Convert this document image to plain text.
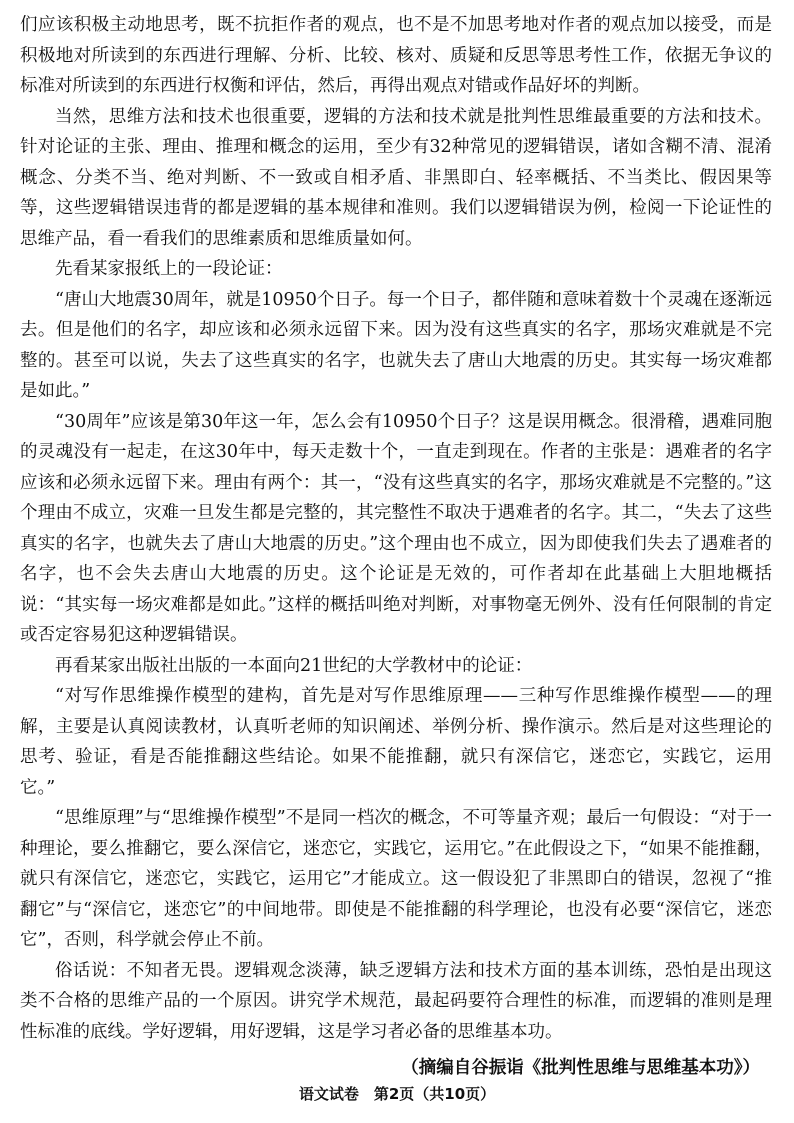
们应该积极主动地思考，既不抗拒作者的观点，也不是不加思考地对作者的观点加以接受，而是积极地对所读到的东西进行理解、分析、比较、核对、质疑和反思等思考性工作，依据无争议的标准对所读到的东西进行权衡和评估，然后，再得出观点对错或作品好坏的判断。

当然，思维方法和技术也很重要，逻辑的方法和技术就是批判性思维最重要的方法和技术。针对论证的主张、理由、推理和概念的运用，至少有32种常见的逻辑错误，诸如含糊不清、混淆概念、分类不当、绝对判断、不一致或自相矛盾、非黑即白、轻率概括、不当类比、假因果等等，这些逻辑错误违背的都是逻辑的基本规律和准则。我们以逻辑错误为例，检阅一下论证性的思维产品，看一看我们的思维素质和思维质量如何。

先看某家报纸上的一段论证：

“唐山大地震30周年，就是10950个日子。每一个日子，都伴随和意味着数十个灵魂在逐渐远去。但是他们的名字，却应该和必须永远留下来。因为没有这些真实的名字，那场灾难就是不完整的。甚至可以说，失去了这些真实的名字，也就失去了唐山大地震的历史。其实每一场灾难都是如此。”

“30周年”应该是第30年这一年，怎么会有10950个日子？这是误用概念。很滑稽，遇难同胞的灵魂没有一起走，在这30年中，每天走数十个，一直走到现在。作者的主张是：遇难者的名字应该和必须永远留下来。理由有两个：其一，“没有这些真实的名字，那场灾难就是不完整的。”这个理由不成立，灾难一旦发生都是完整的，其完整性不取决于遇难者的名字。其二，“失去了这些真实的名字，也就失去了唐山大地震的历史。”这个理由也不成立，因为即使我们失去了遇难者的名字，也不会失去唐山大地震的历史。这个论证是无效的，可作者却在此基础上大胆地概括说：“其实每一场灾难都是如此。”这样的概括叫绝对判断，对事物毫无例外、没有任何限制的肯定或否定容易犯这种逻辑错误。

再看某家出版社出版的一本面向21世纪的大学教材中的论证：

“对写作思维操作模型的建构，首先是对写作思维原理——三种写作思维操作模型——的理解，主要是认真阅读教材，认真听老师的知识阐述、举例分析、操作演示。然后是对这些理论的思考、验证，看是否能推翻这些结论。如果不能推翻，就只有深信它，迷恋它，实践它，运用它。”

“思维原理”与“思维操作模型”不是同一档次的概念，不可等量齐观；最后一句假设：“对于一种理论，要么推翻它，要么深信它，迷恋它，实践它，运用它。”在此假设之下，“如果不能推翻，就只有深信它，迷恋它，实践它，运用它”才能成立。这一假设犯了非黑即白的错误，忽视了“推翻它”与“深信它，迷恋它”的中间地带。即使是不能推翻的科学理论，也没有必要“深信它，迷恋它”，否则，科学就会停止不前。

俗话说：不知者无畏。逻辑观念淡薄，缺乏逻辑方法和技术方面的基本训练，恐怕是出现这类不合格的思维产品的一个原因。讲究学术规范，最起码要符合理性的标准，而逻辑的准则是理性标准的底线。学好逻辑，用好逻辑，这是学习者必备的思维基本功。

（摘编自谷振诣《批判性思维与思维基本功》）

语文试卷　第2页（共10页）
